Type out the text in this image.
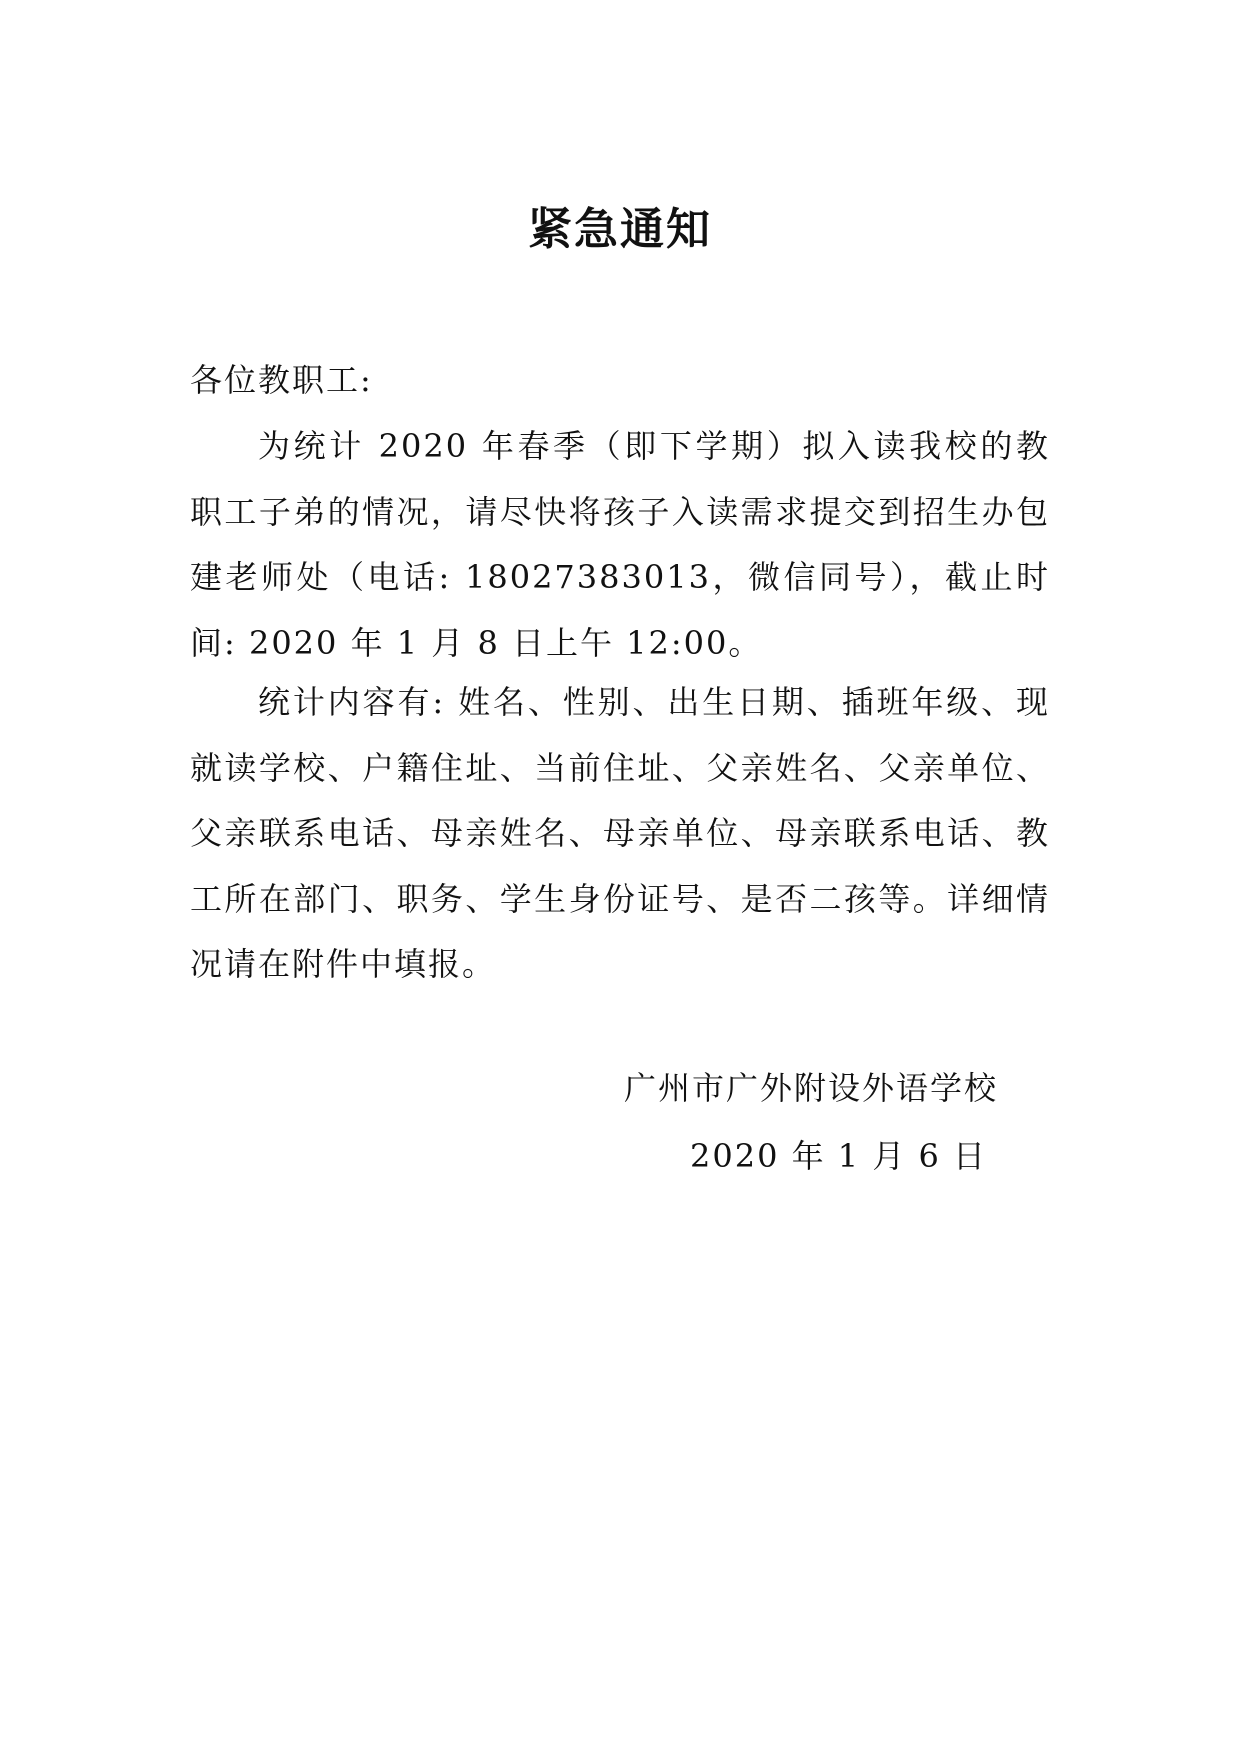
紧急通知
各位教职工:

为统计 2020 年春季（即下学期）拟入读我校的教职工子弟的情况，请尽快将孩子入读需求提交到招生办包建老师处（电话: 18027383013，微信同号），截止时间: 2020 年 1 月 8 日上午 12:00。

统计内容有: 姓名、性别、出生日期、插班年级、现就读学校、户籍住址、当前住址、父亲姓名、父亲单位、父亲联系电话、母亲姓名、母亲单位、母亲联系电话、教工所在部门、职务、学生身份证号、是否二孩等。详细情况请在附件中填报。

广州市广外附设外语学校
2020 年 1 月 6 日
